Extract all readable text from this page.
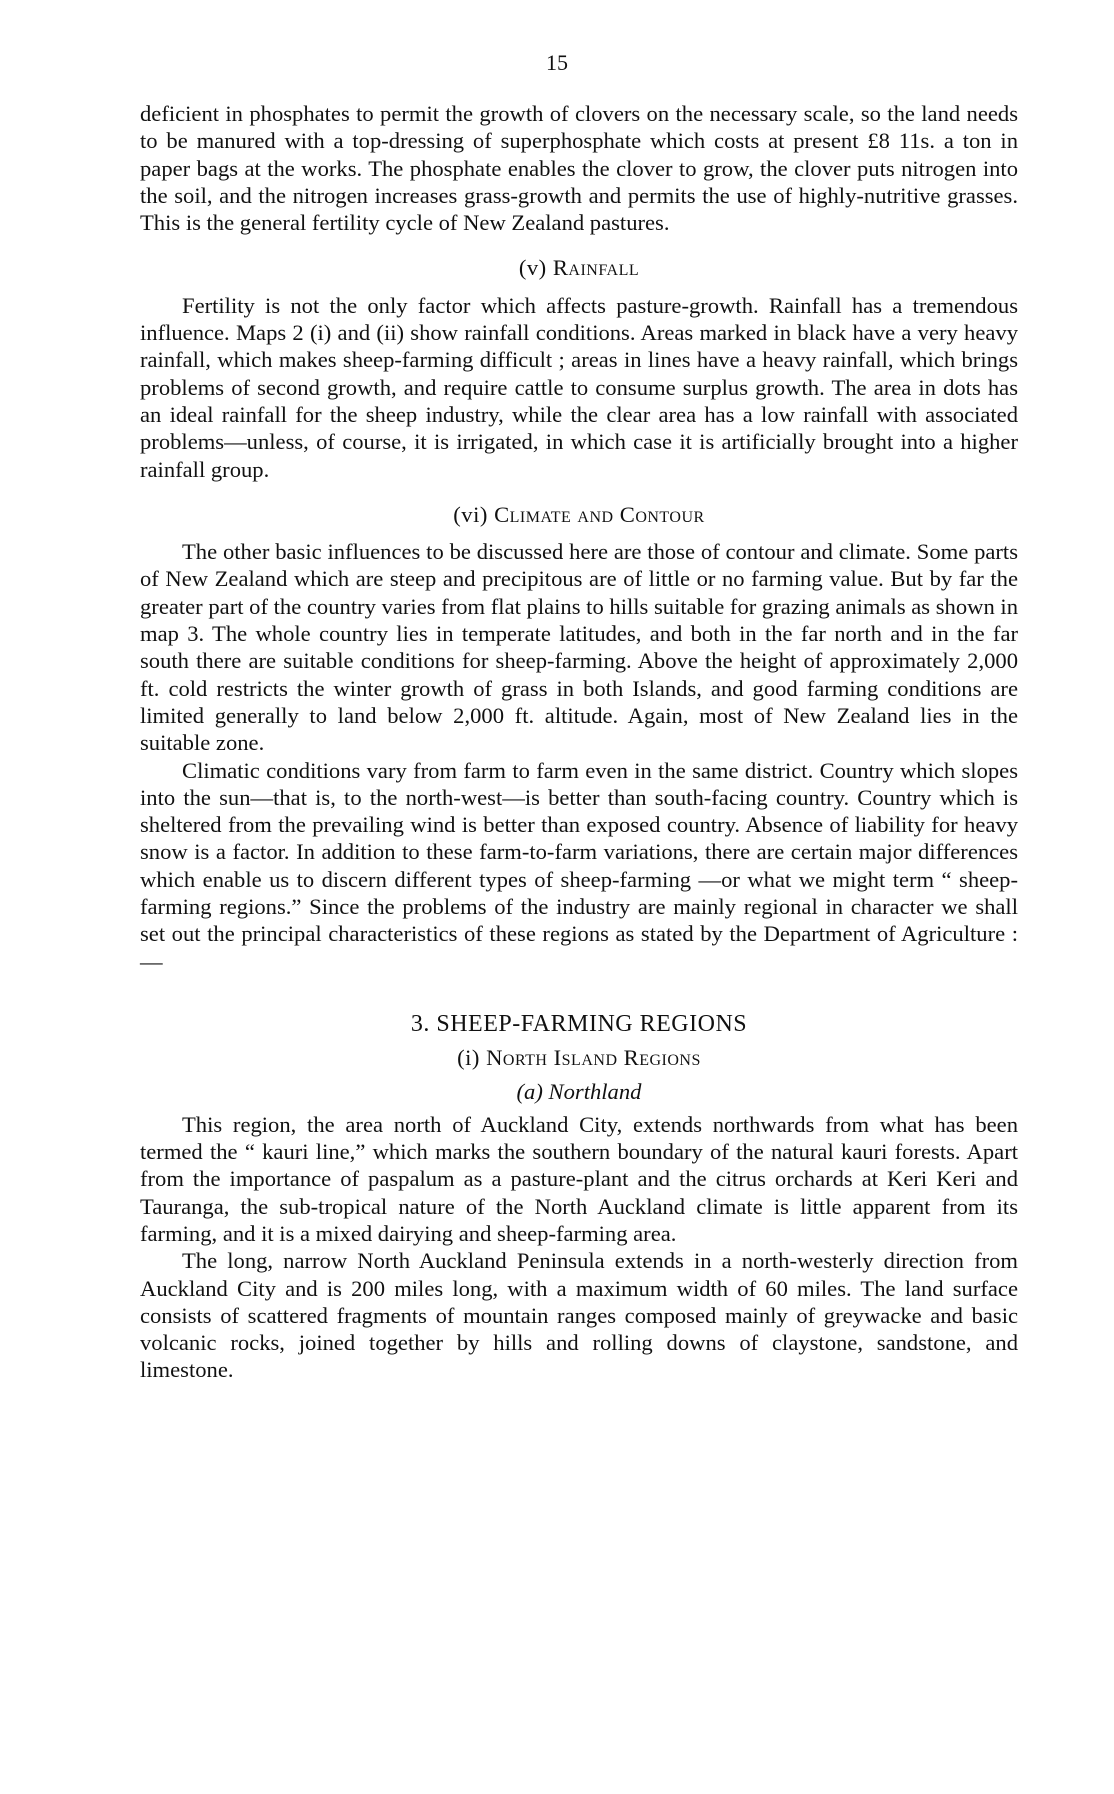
15

deficient in phosphates to permit the growth of clovers on the necessary scale, so the land needs to be manured with a top-dressing of superphosphate which costs at present £8 11s. a ton in paper bags at the works. The phosphate enables the clover to grow, the clover puts nitrogen into the soil, and the nitrogen increases grass-growth and permits the use of highly-nutritive grasses. This is the general fertility cycle of New Zealand pastures.

(v) Rainfall

Fertility is not the only factor which affects pasture-growth. Rainfall has a tremendous influence. Maps 2 (i) and (ii) show rainfall conditions. Areas marked in black have a very heavy rainfall, which makes sheep-farming difficult ; areas in lines have a heavy rainfall, which brings problems of second growth, and require cattle to consume surplus growth. The area in dots has an ideal rainfall for the sheep industry, while the clear area has a low rainfall with associated problems—unless, of course, it is irrigated, in which case it is artificially brought into a higher rainfall group.

(vi) Climate and Contour

The other basic influences to be discussed here are those of contour and climate. Some parts of New Zealand which are steep and precipitous are of little or no farming value. But by far the greater part of the country varies from flat plains to hills suitable for grazing animals as shown in map 3. The whole country lies in temperate latitudes, and both in the far north and in the far south there are suitable conditions for sheep-farming. Above the height of approximately 2,000 ft. cold restricts the winter growth of grass in both Islands, and good farming conditions are limited generally to land below 2,000 ft. altitude. Again, most of New Zealand lies in the suitable zone.

Climatic conditions vary from farm to farm even in the same district. Country which slopes into the sun—that is, to the north-west—is better than south-facing country. Country which is sheltered from the prevailing wind is better than exposed country. Absence of liability for heavy snow is a factor. In addition to these farm-to-farm variations, there are certain major differences which enable us to discern different types of sheep-farming —or what we might term “ sheep-farming regions.” Since the problems of the industry are mainly regional in character we shall set out the principal characteristics of these regions as stated by the Department of Agriculture :—

3. SHEEP-FARMING REGIONS

(i) North Island Regions

(a) Northland

This region, the area north of Auckland City, extends northwards from what has been termed the “ kauri line,” which marks the southern boundary of the natural kauri forests. Apart from the importance of paspalum as a pasture-plant and the citrus orchards at Keri Keri and Tauranga, the sub-tropical nature of the North Auckland climate is little apparent from its farming, and it is a mixed dairying and sheep-farming area.

The long, narrow North Auckland Peninsula extends in a north-westerly direction from Auckland City and is 200 miles long, with a maximum width of 60 miles. The land surface consists of scattered fragments of mountain ranges composed mainly of greywacke and basic volcanic rocks, joined together by hills and rolling downs of claystone, sandstone, and limestone.
